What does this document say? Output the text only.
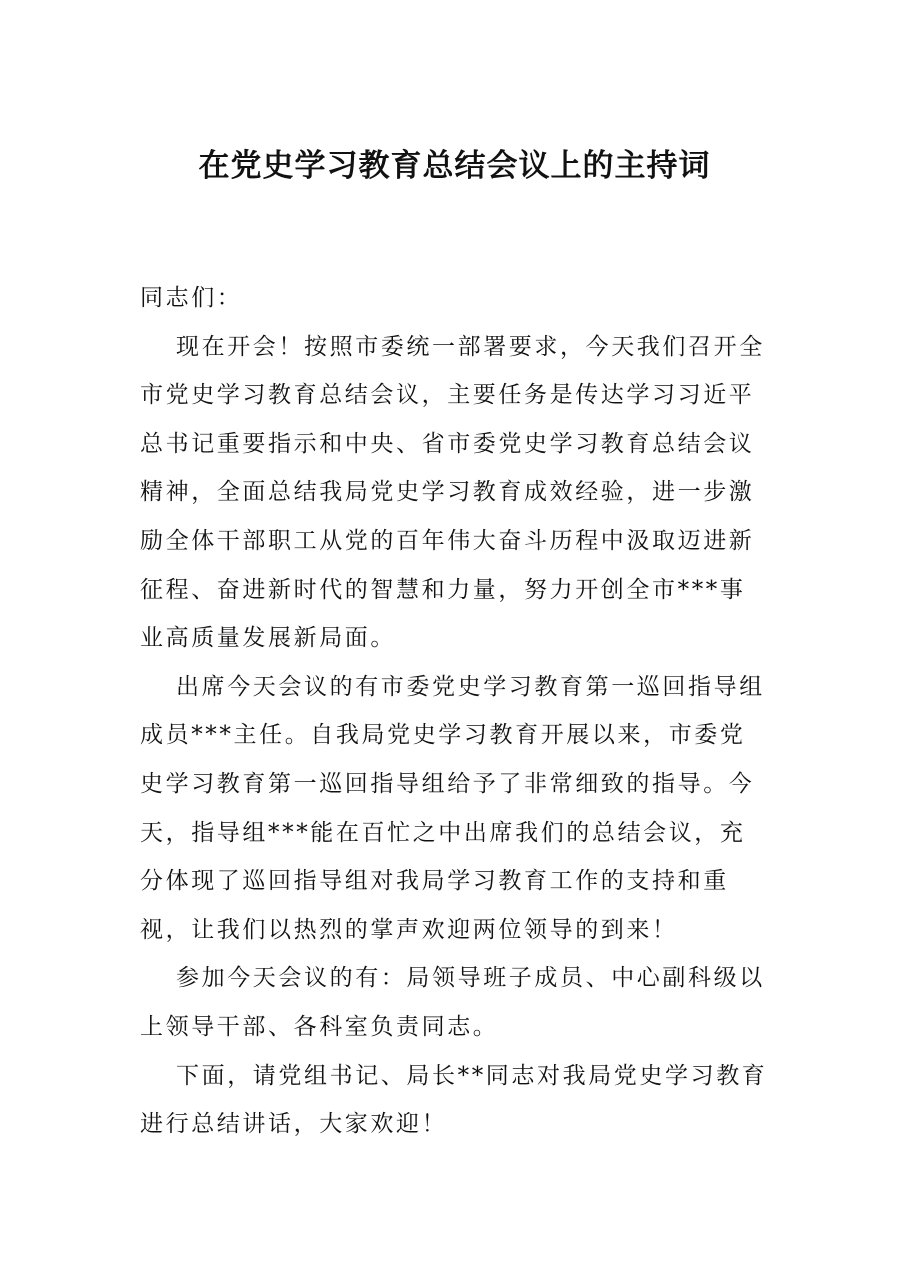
在党史学习教育总结会议上的主持词

同志们：

现在开会！按照市委统一部署要求，今天我们召开全市党史学习教育总结会议，主要任务是传达学习习近平总书记重要指示和中央、省市委党史学习教育总结会议精神，全面总结我局党史学习教育成效经验，进一步激励全体干部职工从党的百年伟大奋斗历程中汲取迈进新征程、奋进新时代的智慧和力量，努力开创全市***事业高质量发展新局面。

出席今天会议的有市委党史学习教育第一巡回指导组成员***主任。自我局党史学习教育开展以来，市委党史学习教育第一巡回指导组给予了非常细致的指导。今天，指导组***能在百忙之中出席我们的总结会议，充分体现了巡回指导组对我局学习教育工作的支持和重视，让我们以热烈的掌声欢迎两位领导的到来！

参加今天会议的有：局领导班子成员、中心副科级以上领导干部、各科室负责同志。

下面，请党组书记、局长**同志对我局党史学习教育进行总结讲话，大家欢迎！
